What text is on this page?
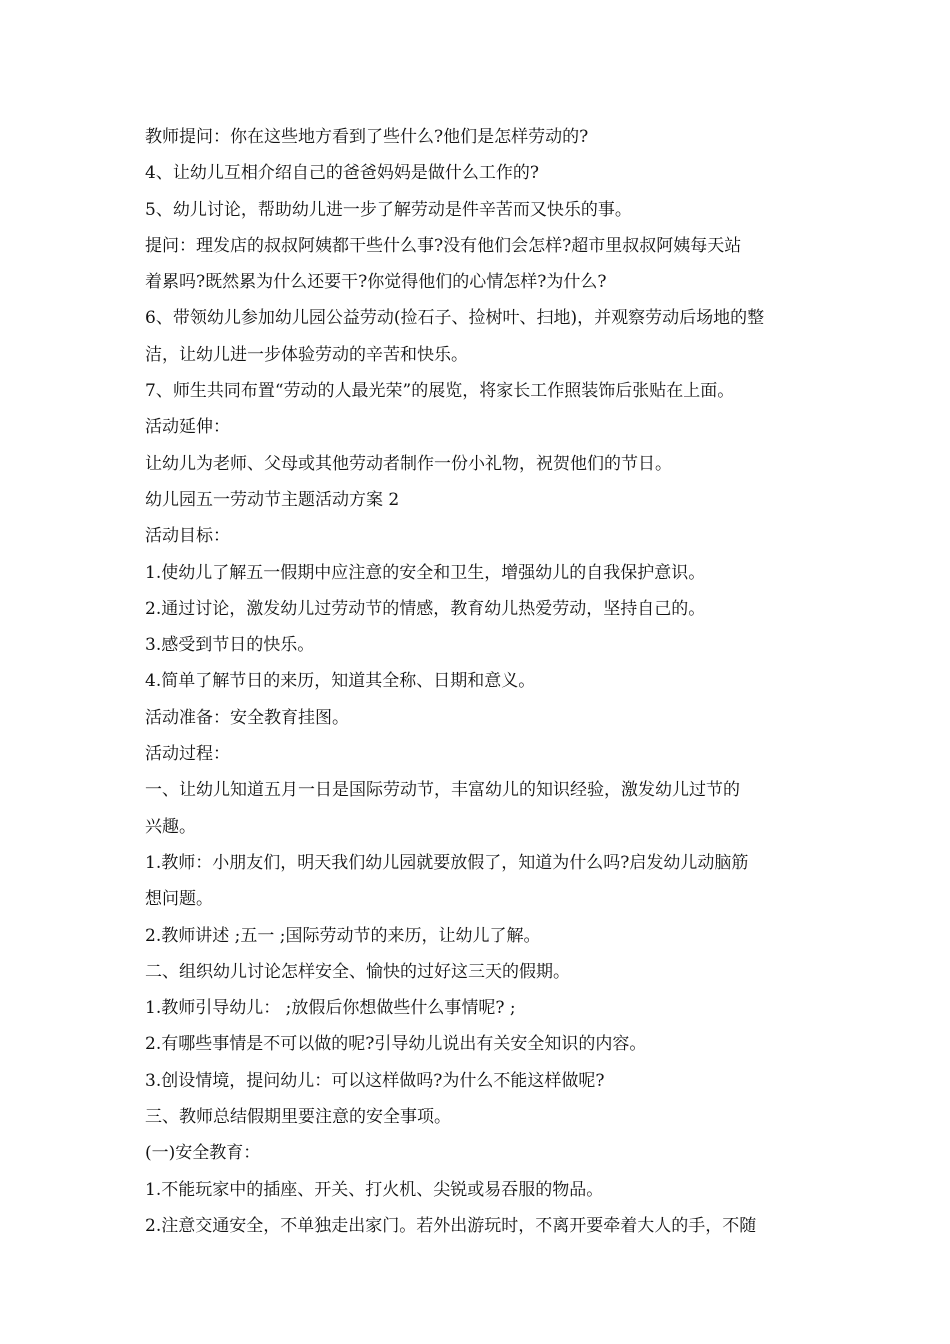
教师提问：你在这些地方看到了些什么?他们是怎样劳动的?
4、让幼儿互相介绍自己的爸爸妈妈是做什么工作的?
5、幼儿讨论，帮助幼儿进一步了解劳动是件辛苦而又快乐的事。
提问：理发店的叔叔阿姨都干些什么事?没有他们会怎样?超市里叔叔阿姨每天站
着累吗?既然累为什么还要干?你觉得他们的心情怎样?为什么?
6、带领幼儿参加幼儿园公益劳动(捡石子、捡树叶、扫地)，并观察劳动后场地的整
洁，让幼儿进一步体验劳动的辛苦和快乐。
7、师生共同布置“劳动的人最光荣”的展览，将家长工作照装饰后张贴在上面。
活动延伸：
让幼儿为老师、父母或其他劳动者制作一份小礼物，祝贺他们的节日。
幼儿园五一劳动节主题活动方案 2
活动目标：
1.使幼儿了解五一假期中应注意的安全和卫生，增强幼儿的自我保护意识。
2.通过讨论，激发幼儿过劳动节的情感，教育幼儿热爱劳动，坚持自己的。
3.感受到节日的快乐。
4.简单了解节日的来历，知道其全称、日期和意义。
活动准备：安全教育挂图。
活动过程：
一、让幼儿知道五月一日是国际劳动节，丰富幼儿的知识经验，激发幼儿过节的
兴趣。
1.教师：小朋友们，明天我们幼儿园就要放假了，知道为什么吗?启发幼儿动脑筋
想问题。
2.教师讲述 ;五一 ;国际劳动节的来历，让幼儿了解。
二、组织幼儿讨论怎样安全、愉快的过好这三天的假期。
1.教师引导幼儿： ;放假后你想做些什么事情呢? ;
2.有哪些事情是不可以做的呢?引导幼儿说出有关安全知识的内容。
3.创设情境，提问幼儿：可以这样做吗?为什么不能这样做呢?
三、教师总结假期里要注意的安全事项。
(一)安全教育：
1.不能玩家中的插座、开关、打火机、尖锐或易吞服的物品。
2.注意交通安全，不单独走出家门。若外出游玩时，不离开要牵着大人的手，不随
